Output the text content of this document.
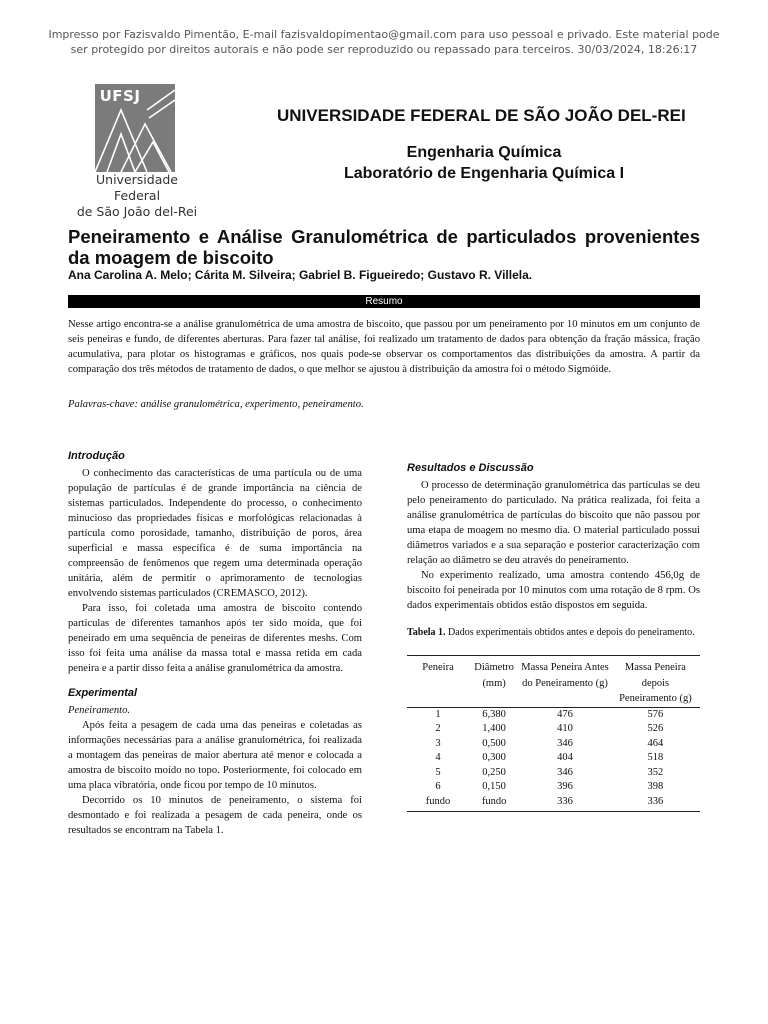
Impresso por Fazisvaldo Pimentão, E-mail fazisvaldopimentao@gmail.com para uso pessoal e privado. Este material pode ser protegido por direitos autorais e não pode ser reproduzido ou repassado para terceiros. 30/03/2024, 18:26:17
UFSJ
Universidade Federal
de São João del-Rei
UNIVERSIDADE FEDERAL DE SÃO JOÃO DEL-REI
Engenharia Química
Laboratório de Engenharia Química I
Peneiramento e Análise Granulométrica de particulados provenientes da moagem de biscoito
Ana Carolina A. Melo; Cárita M. Silveira; Gabriel B. Figueiredo; Gustavo R. Villela.
Resumo

Nesse artigo encontra-se a análise granulométrica de uma amostra de biscoito, que passou por um peneiramento por 10 minutos em um conjunto de seis peneiras e fundo, de diferentes aberturas. Para fazer tal análise, foi realizado um tratamento de dados para obtenção da fração mássica, fração acumulativa, para plotar os histogramas e gráficos, nos quais pode-se observar os comportamentos das distribuições da amostra. A partir da comparação dos três métodos de tratamento de dados, o que melhor se ajustou à distribuição da amostra foi o método Sigmóide.

Palavras-chave: análise granulométrica, experimento, peneiramento.
Introdução

O conhecimento das características de uma partícula ou de uma população de partículas é de grande importância na ciência de sistemas particulados. Independente do processo, o conhecimento minucioso das propriedades físicas e morfológicas relacionadas à partícula como porosidade, tamanho, distribuição de poros, área superficial e massa específica é de suma importância na compreensão de fenômenos que regem uma determinada operação unitária, além de permitir o aprimoramento de tecnologias envolvendo sistemas particulados (CREMASCO, 2012).

Para isso, foi coletada uma amostra de biscoito contendo partículas de diferentes tamanhos após ter sido moída, que foi peneirado em uma sequência de peneiras de diferentes meshs. Com isso foi feita uma análise da massa total e massa retida em cada peneira e a partir disso feita a análise granulométrica da amostra.

Experimental

Peneiramento.

Após feita a pesagem de cada uma das peneiras e coletadas as informações necessárias para a análise granulométrica, foi realizada a montagem das peneiras de maior abertura até menor e colocada a amostra de biscoito moído no topo. Posteriormente, foi colocado em uma placa vibratória, onde ficou por tempo de 10 minutos.

Decorrido os 10 minutos de peneiramento, o sistema foi desmontado e foi realizada a pesagem de cada peneira, onde os resultados se encontram na Tabela 1.

Resultados e Discussão

O processo de determinação granulométrica das partículas se deu pelo peneiramento do particulado. Na prática realizada, foi feita a análise granulométrica de partículas do biscoito que não passou por uma etapa de moagem no mesmo dia. O material particulado possui diâmetros variados e a sua separação e posterior caracterização com relação ao diâmetro se deu através do peneiramento.

No experimento realizado, uma amostra contendo 456,0g de biscoito foi peneirada por 10 minutos com uma rotação de 8 rpm. Os dados experimentais obtidos estão dispostos em seguida.

Tabela 1. Dados experimentais obtidos antes e depois do peneiramento.

Peneira	Diâmetro (mm)	Massa Peneira Antes do Peneiramento (g)	Massa Peneira depois Peneiramento (g)
1	6,380	476	576
2	1,400	410	526
3	0,500	346	464
4	0,300	404	518
5	0,250	346	352
6	0,150	396	398
fundo	fundo	336	336
